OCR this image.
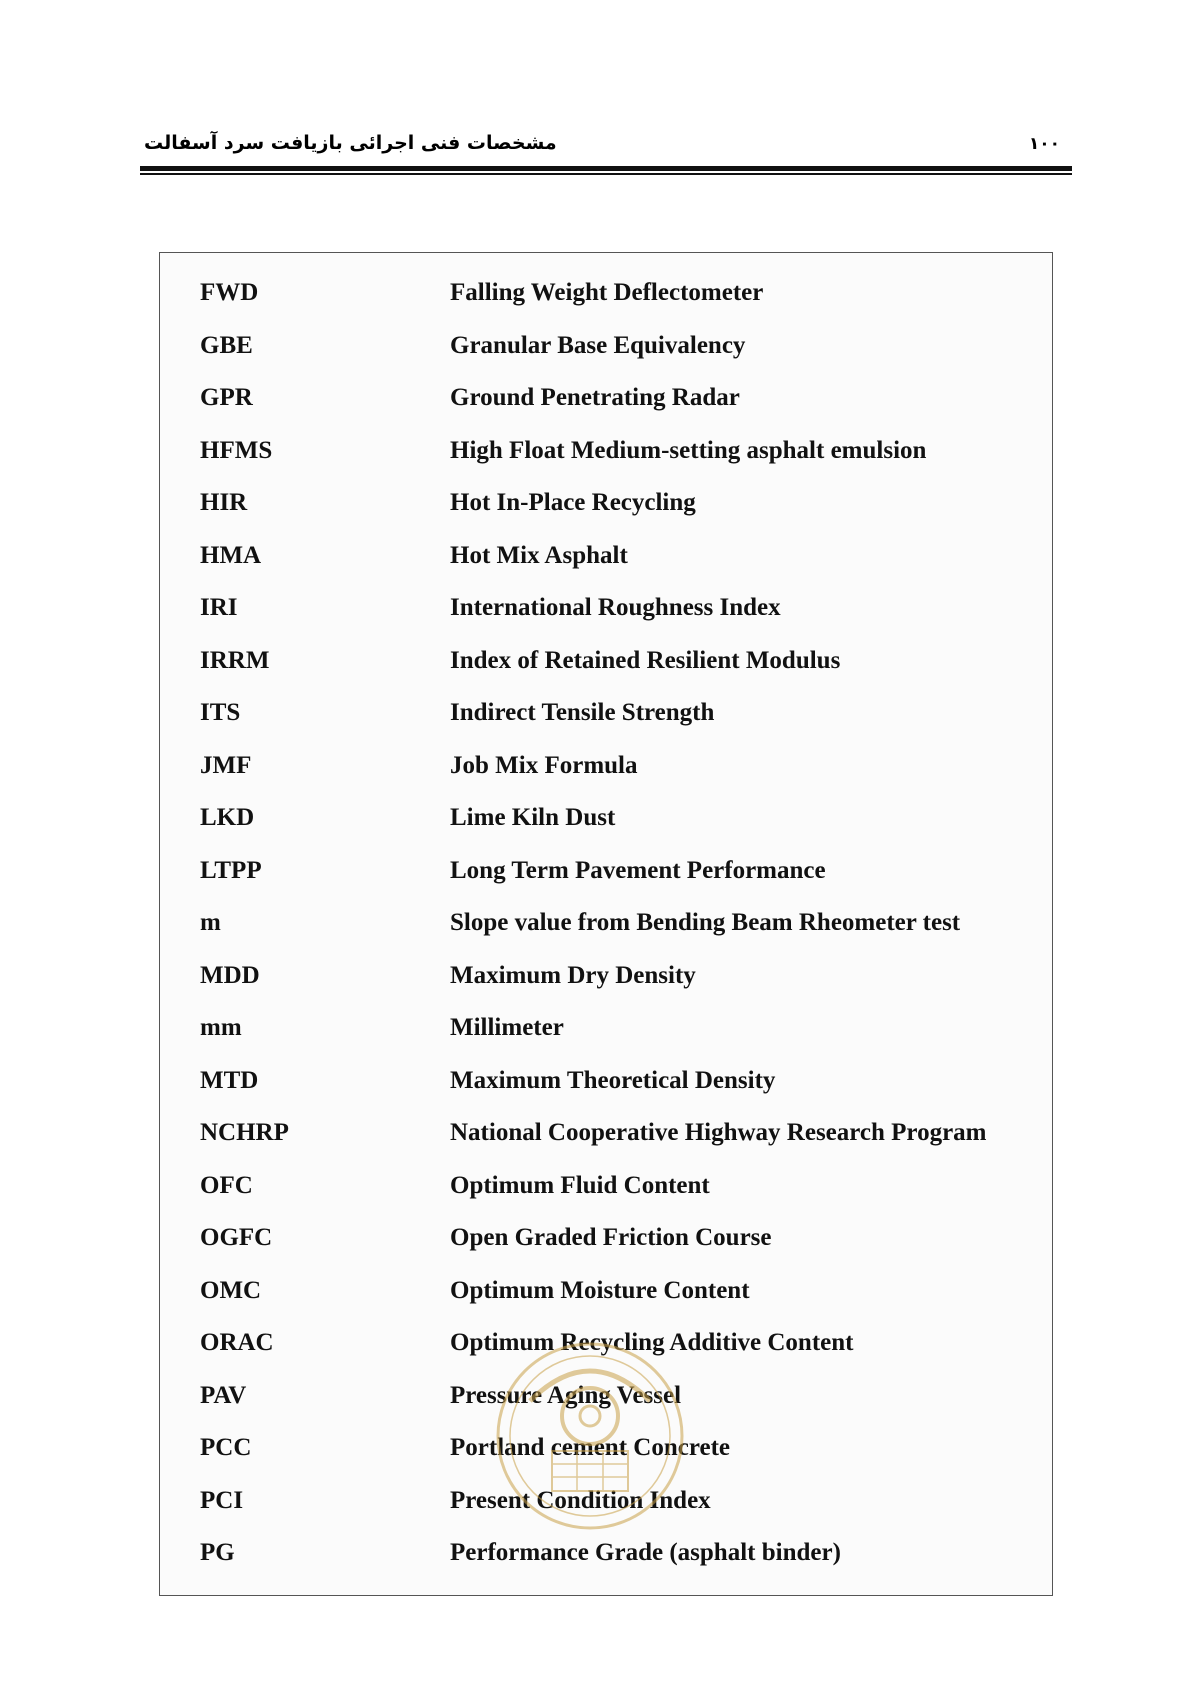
مشخصات فنی اجرائی بازیافت سرد آسفالت	۱۰۰
FWD	Falling Weight Deflectometer
GBE	Granular Base Equivalency
GPR	Ground Penetrating Radar
HFMS	High Float Medium-setting asphalt emulsion
HIR	Hot In-Place Recycling
HMA	Hot Mix Asphalt
IRI	International Roughness Index
IRRM	Index of Retained Resilient Modulus
ITS	Indirect Tensile Strength
JMF	Job Mix Formula
LKD	Lime Kiln Dust
LTPP	Long Term Pavement Performance
m	Slope value from Bending Beam Rheometer test
MDD	Maximum Dry Density
mm	Millimeter
MTD	Maximum Theoretical Density
NCHRP	National Cooperative Highway Research Program
OFC	Optimum Fluid Content
OGFC	Open Graded Friction Course
OMC	Optimum Moisture Content
ORAC	Optimum Recycling Additive Content
PAV	Pressure Aging Vessel
PCC	Portland cement Concrete
PCI	Present Condition Index
PG	Performance Grade (asphalt binder)
